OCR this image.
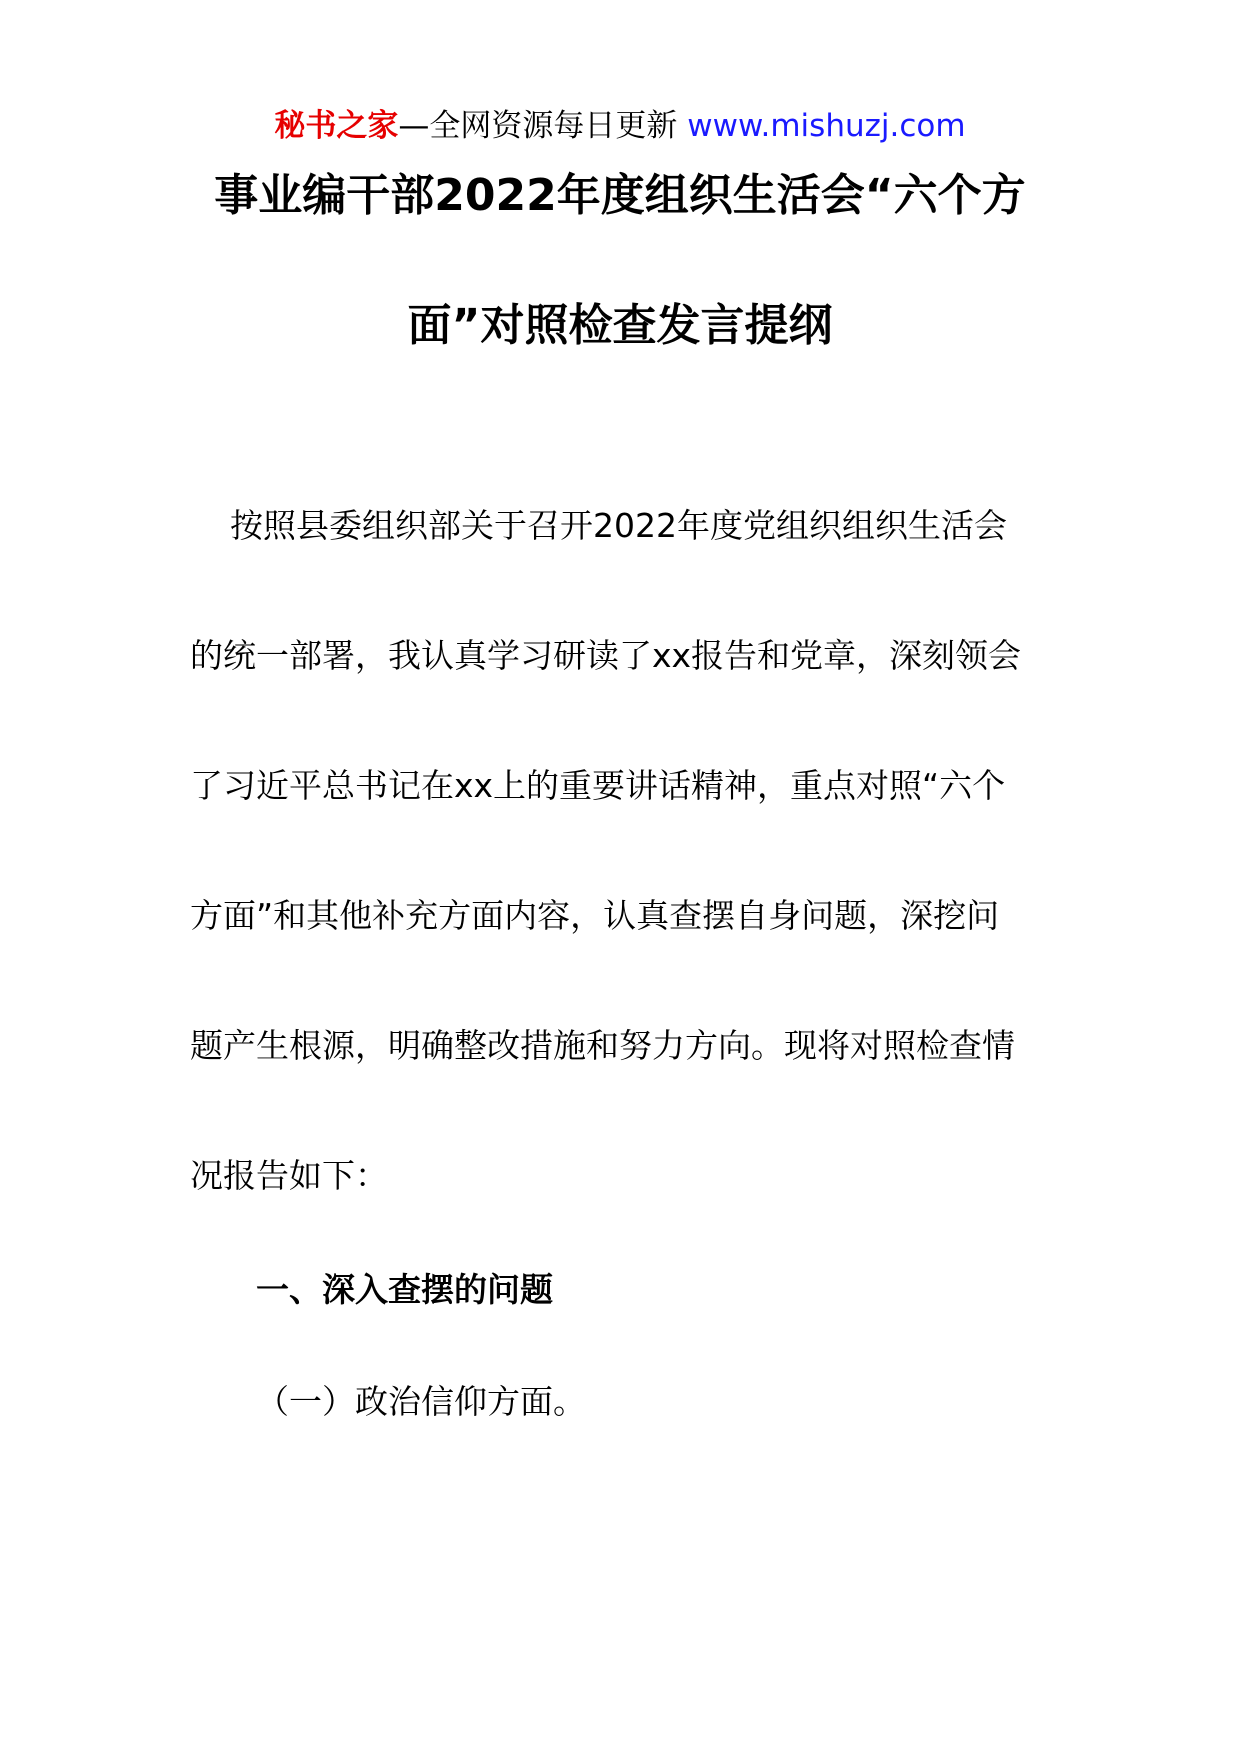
秘书之家—全网资源每日更新 www.mishuzj.com
事业编干部2022年度组织生活会“六个方
面”对照检查发言提纲
按照县委组织部关于召开2022年度党组织组织生活会
的统一部署，我认真学习研读了xx报告和党章，深刻领会
了习近平总书记在xx上的重要讲话精神，重点对照“六个
方面”和其他补充方面内容，认真查摆自身问题，深挖问
题产生根源，明确整改措施和努力方向。现将对照检查情
况报告如下：
一、深入查摆的问题
（一）政治信仰方面。
